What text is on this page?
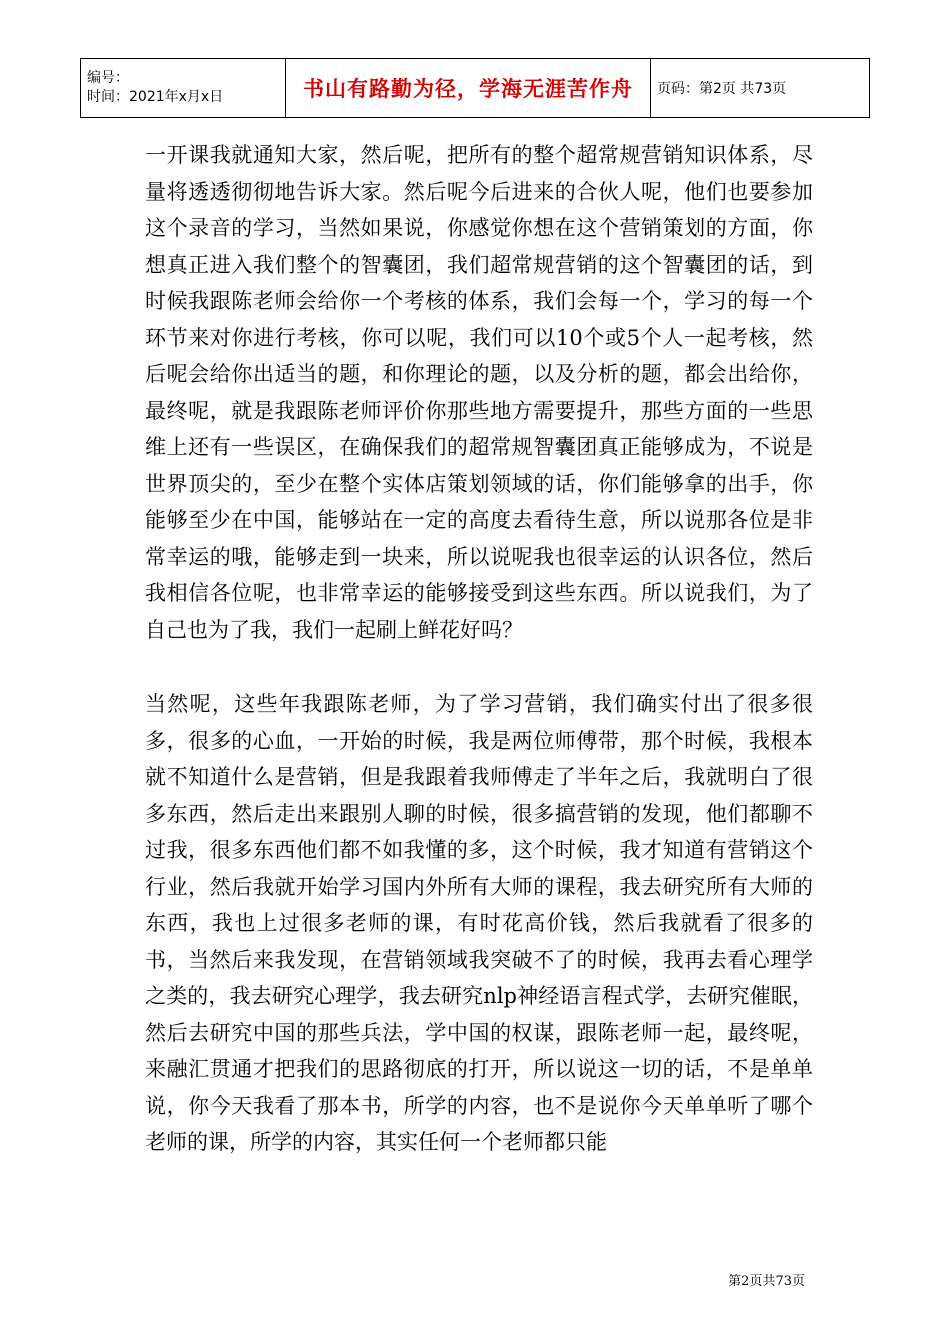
编号：
时间：2021年x月x日	书山有路勤为径，学海无涯苦作舟	页码：第2页 共73页

一开课我就通知大家，然后呢，把所有的整个超常规营销知识体系，尽量将透透彻彻地告诉大家。然后呢今后进来的合伙人呢，他们也要参加这个录音的学习，当然如果说，你感觉你想在这个营销策划的方面，你想真正进入我们整个的智囊团，我们超常规营销的这个智囊团的话，到时候我跟陈老师会给你一个考核的体系，我们会每一个，学习的每一个环节来对你进行考核，你可以呢，我们可以10个或5个人一起考核，然后呢会给你出适当的题，和你理论的题，以及分析的题，都会出给你，最终呢，就是我跟陈老师评价你那些地方需要提升，那些方面的一些思维上还有一些误区，在确保我们的超常规智囊团真正能够成为，不说是世界顶尖的，至少在整个实体店策划领域的话，你们能够拿的出手，你能够至少在中国，能够站在一定的高度去看待生意，所以说那各位是非常幸运的哦，能够走到一块来，所以说呢我也很幸运的认识各位，然后我相信各位呢，也非常幸运的能够接受到这些东西。所以说我们，为了自己也为了我，我们一起刷上鲜花好吗？

当然呢，这些年我跟陈老师，为了学习营销，我们确实付出了很多很多，很多的心血，一开始的时候，我是两位师傅带，那个时候，我根本就不知道什么是营销，但是我跟着我师傅走了半年之后，我就明白了很多东西，然后走出来跟别人聊的时候，很多搞营销的发现，他们都聊不过我，很多东西他们都不如我懂的多，这个时候，我才知道有营销这个行业，然后我就开始学习国内外所有大师的课程，我去研究所有大师的东西，我也上过很多老师的课，有时花高价钱，然后我就看了很多的书，当然后来我发现，在营销领域我突破不了的时候，我再去看心理学之类的，我去研究心理学，我去研究nlp神经语言程式学，去研究催眠，然后去研究中国的那些兵法，学中国的权谋，跟陈老师一起，最终呢，来融汇贯通才把我们的思路彻底的打开，所以说这一切的话，不是单单说，你今天我看了那本书，所学的内容，也不是说你今天单单听了哪个老师的课，所学的内容，其实任何一个老师都只能

第2页共73页
